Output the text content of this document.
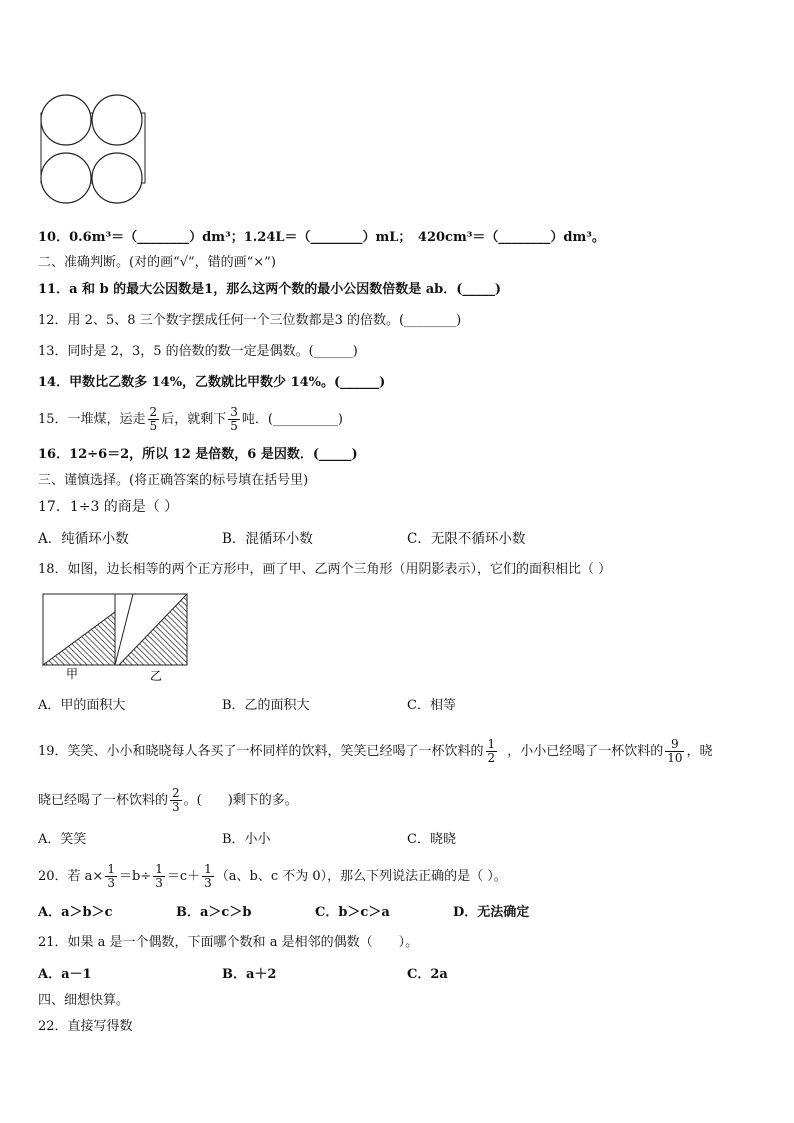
10．0.6m³＝（________）dm³；1.24L＝（________）mL；　420cm³＝（________）dm³。
二、准确判断。(对的画“√”，错的画“×”)
11．a 和 b 的最大公因数是1，那么这两个数的最小公因数倍数是 ab．(_____)
12．用 2、5、8 三个数字摆成任何一个三位数都是3 的倍数。(________)
13．同时是 2，3，5 的倍数的数一定是偶数。(______)
14．甲数比乙数多 14%，乙数就比甲数少 14%。(______)
15．一堆煤，运走 $\frac{2}{5}$ 后，就剩下 $\frac{3}{5}$ 吨．(__________)
16．12÷6＝2，所以 12 是倍数，6 是因数．(_____)
三、谨慎选择。(将正确答案的标号填在括号里)
17．1÷3 的商是（ ）
A．纯循环小数	B．混循环小数	C．无限不循环小数
18．如图，边长相等的两个正方形中，画了甲、乙两个三角形（用阴影表示），它们的面积相比（ ）
甲	乙
A．甲的面积大	B．乙的面积大	C．相等
19．笑笑、小小和晓晓每人各买了一杯同样的饮料，笑笑已经喝了一杯饮料的 $\frac{1}{2}$ ，小小已经喝了一杯饮料的 $\frac{9}{10}$ ，晓
晓已经喝了一杯饮料的 $\frac{2}{3}$ 。(　　)剩下的多。
A．笑笑	B．小小	C．晓晓
20．若 $a\times \frac{1}{3} =b\div \frac{1}{3} =c+ \frac{1}{3} (a$、b、c 不为 0），那么下列说法正确的是（ ）。
A．a＞b＞c	B．a＞c＞b	C．b＞c＞a	D．无法确定
21．如果 a 是一个偶数，下面哪个数和 a 是相邻的偶数（　　）。
A．a－1	B．a＋2	C．2a
四、细想快算。
22．直接写得数
